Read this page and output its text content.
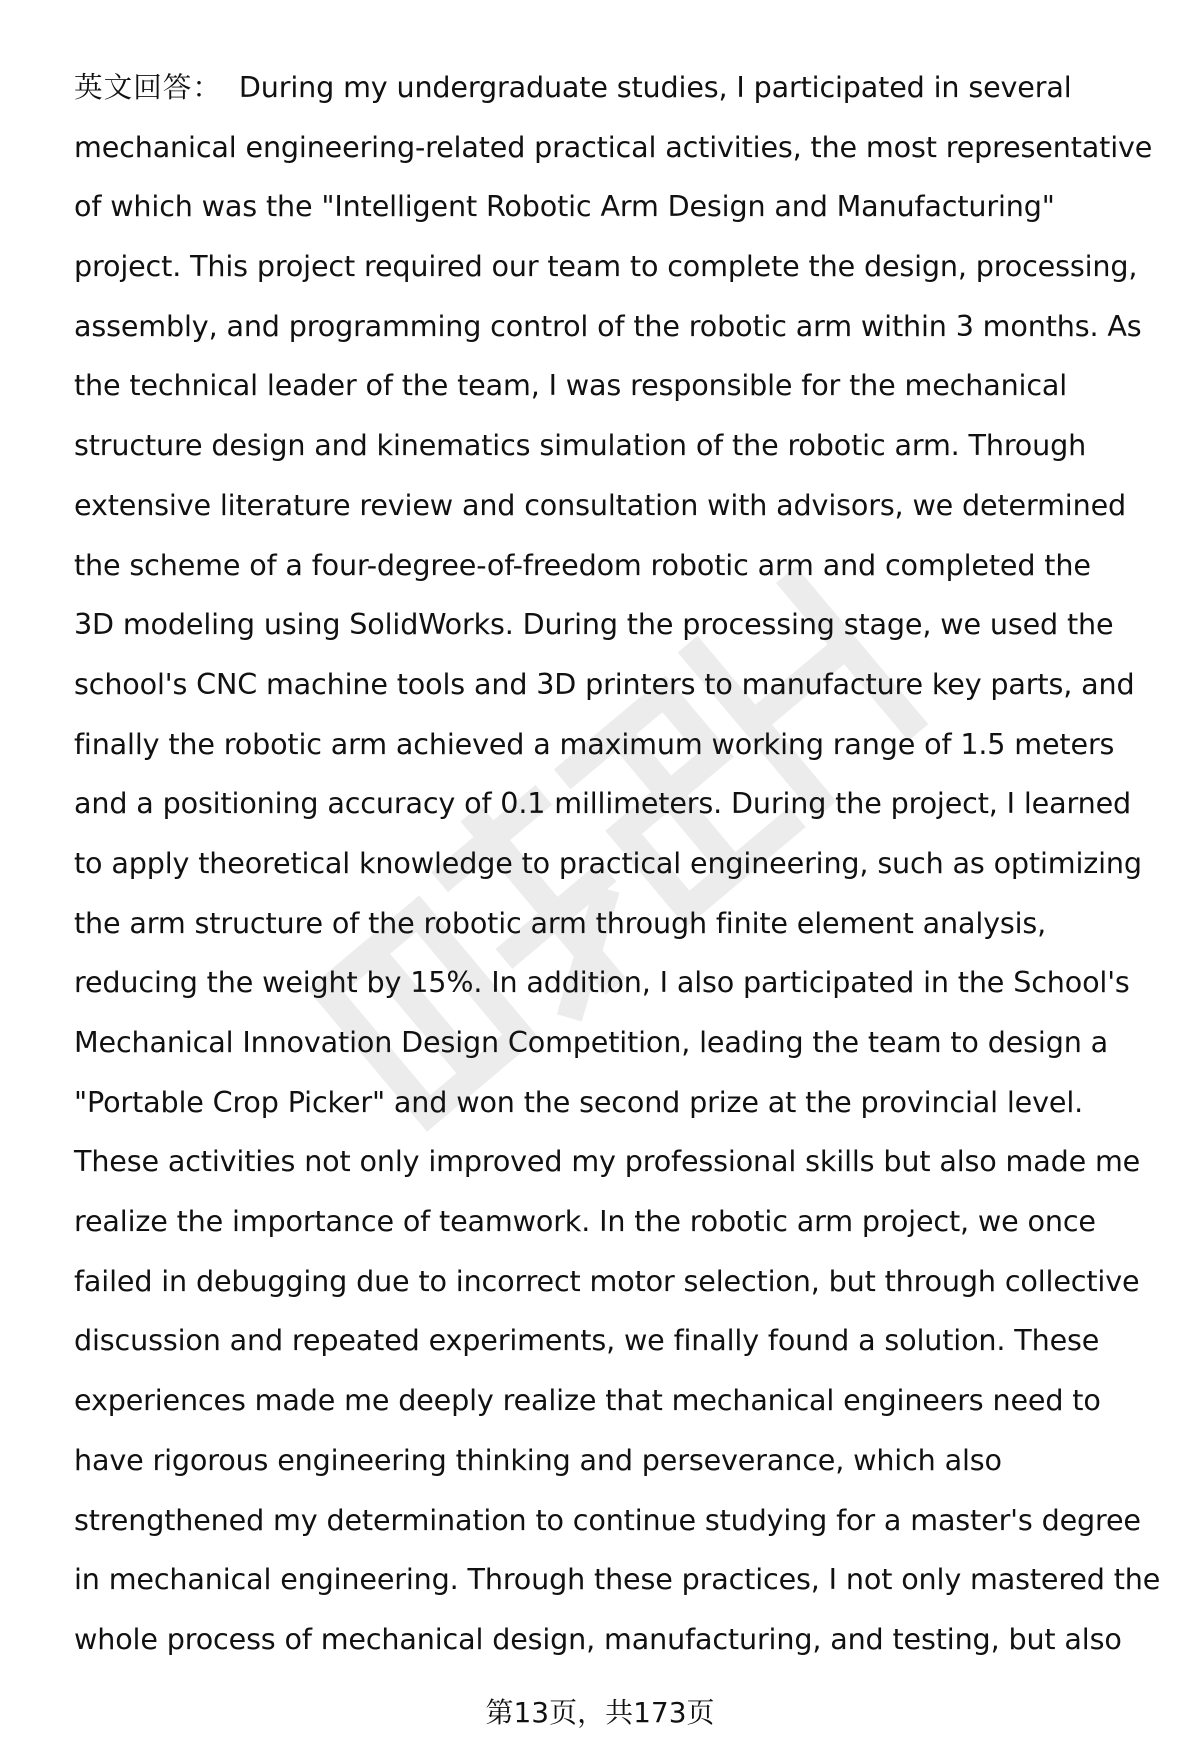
英文回答： During my undergraduate studies, I participated in several
mechanical engineering-related practical activities, the most representative
of which was the "Intelligent Robotic Arm Design and Manufacturing"
project. This project required our team to complete the design, processing,
assembly, and programming control of the robotic arm within 3 months. As
the technical leader of the team, I was responsible for the mechanical
structure design and kinematics simulation of the robotic arm. Through
extensive literature review and consultation with advisors, we determined
the scheme of a four-degree-of-freedom robotic arm and completed the
3D modeling using SolidWorks. During the processing stage, we used the
school's CNC machine tools and 3D printers to manufacture key parts, and
finally the robotic arm achieved a maximum working range of 1.5 meters
and a positioning accuracy of 0.1 millimeters. During the project, I learned
to apply theoretical knowledge to practical engineering, such as optimizing
the arm structure of the robotic arm through finite element analysis,
reducing the weight by 15%. In addition, I also participated in the School's
Mechanical Innovation Design Competition, leading the team to design a
"Portable Crop Picker" and won the second prize at the provincial level.
These activities not only improved my professional skills but also made me
realize the importance of teamwork. In the robotic arm project, we once
failed in debugging due to incorrect motor selection, but through collective
discussion and repeated experiments, we finally found a solution. These
experiences made me deeply realize that mechanical engineers need to
have rigorous engineering thinking and perseverance, which also
strengthened my determination to continue studying for a master's degree
in mechanical engineering. Through these practices, I not only mastered the
whole process of mechanical design, manufacturing, and testing, but also
第13页，共173页
